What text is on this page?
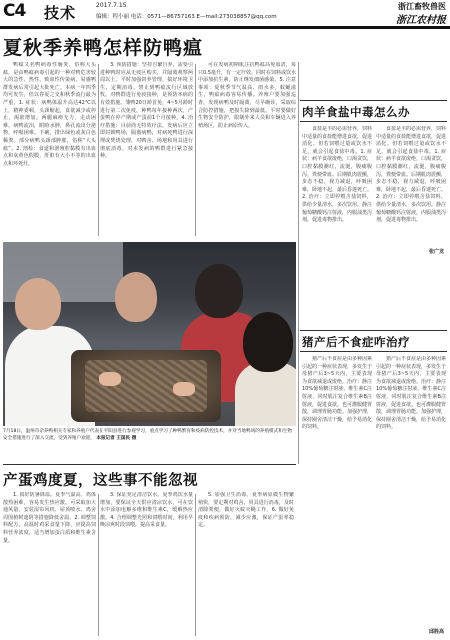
C4 技术	2017.7.15
编辑：程小丽 电话：0571—86757163 E—mail:273038857@qq.com
浙江畜牧兽医
浙江农村报
夏秋季养鸭怎样防鸭瘟

鸭瘟又名鸭病毒性肠炎，俗称大头瘟，是由鸭瘟病毒引起的一种对鸭危害较大的急性、热性、败血性传染病。易感鸭群发病后常引起大批死亡。本病一年四季均可发生，但以春夏之交和秋季流行最为严重。1. 症状：病鸭体温升高达42℃以上，精神委顿，头颈缩起，食欲减少或停止，渴欲增加。两腿麻痹无力，走动困难。病鸭流泪，眼睑水肿，鼻孔流出分泌物，呼吸困难。下痢，排出绿色或灰白色稀粪。部分病鸭头颈部肿胀，俗称“大头瘟”。2. 剖检：食道和泄殖腔黏膜有出血点和灰黄色假膜，肝脏有大小不等的出血点和坏死灶。

3. 预防措施：坚持自繁自养，需要引进种鸭时应从无疫区购买，并隔离观察两周以上。平时加强饲养管理，搞好环境卫生，定期消毒。禁止到鸭瘟流行区域放牧。对鸭群进行免疫接种，是预防本病的有效措施。雏鸭20日龄首免，4~5月龄时进行第二次免疫。种鸭每年接种两次，产蛋鸭在停产期或产蛋前1个月接种。4. 治疗措施：目前尚无特效疗法。发病后应立即封锁鸭场，隔离病鸭，对病死鸭进行深埋或焚烧处理，对鸭舍、场地和用具进行彻底消毒。对未发病的鸭群进行紧急接种。

可在发病初期肌注抗鸭瘟高免血清，每只0.5毫升，有一定疗效。同时在饲料或饮水中添加抗生素，防止继发细菌感染。5. 注意事项：夏秋季节气温高、雨水多，蚊蝇滋生，鸭瘟病毒容易传播。养殖户要加强巡查，发现病鸭及时隔离，尽早确诊，采取综合防控措施，把损失降到最低。平时要做好生物安全防护，限制外来人员和车辆进入养殖场区，防止病原传入。

7月18日，温州市杂养鸭相关专家和养殖户代表在平阳县进行参观学习，重点学习了种鸭繁育和疫病防控技术，并对当地鸭场的养殖模式和生物安全措施进行了深入交流，受到养殖户欢迎。 本报记者 王国民 摄
肉羊食盐中毒怎么办

食盐是羊的必需营养，饲料中适量的食盐能增进食欲，促进消化。但若饲喂过量或饮水不足，就会引起食盐中毒。1. 症状：病羊食欲废绝，口渴贪饮，口腔黏膜潮红，流涎，腹痛腹泻，粪便带血。后期肌肉震颤，步态不稳，视力减退，呼吸困难，卧地不起，最后昏迷死亡。2. 治疗：立即停喂含盐饲料，供给少量清水，多次饮用。静注葡萄糖酸钙注射液，内服油类泻剂，促进毒物排出。

食盐是羊的必需营养，饲料中适量的食盐能增进食欲，促进消化。但若饲喂过量或饮水不足，就会引起食盐中毒。1. 症状：病羊食欲废绝，口渴贪饮，口腔黏膜潮红，流涎，腹痛腹泻，粪便带血。后期肌肉震颤，步态不稳，视力减退，呼吸困难，卧地不起，最后昏迷死亡。2. 治疗：立即停喂含盐饲料，供给少量清水，多次饮用。静注葡萄糖酸钙注射液，内服油类泻剂，促进毒物排出。

张广龙
猪产后不食症咋治疗

猪产后不食症是由多种因素引起的一种症状表现，多发生于母猪产后3~5天内，主要表现为食欲减退或废绝。治疗：静注10%葡萄糖注射液、维生素C注射液，同时肌注复合维生素B注射液，促进食欲。也可灌服健胃散，调理胃肠功能。加强护理，保持圈舍清洁干燥，给予易消化的饲料。

猪产后不食症是由多种因素引起的一种症状表现，多发生于母猪产后3~5天内，主要表现为食欲减退或废绝。治疗：静注10%葡萄糖注射液、维生素C注射液，同时肌注复合维生素B注射液，促进食欲。也可灌服健胃散，调理胃肠功能。加强护理，保持圈舍清洁干燥，给予易消化的饲料。

邱胜高
产蛋鸡度夏，这些事不能忽视

1. 搞好防暑降温。夏季气温高，鸡体散热困难，容易发生热应激。可采取加大通风量、安装湿帘风机、屋顶喷水、鸡舍周围植树遮阴等措施降低舍温。2. 调整饲料配方。高温时鸡采食量下降，应提高饲料营养浓度，适当增加蛋白质和维生素含量。

3. 保证充足清洁饮水。夏季鸡饮水量增加，要保证全天供应清凉饮水，可在饮水中添加电解多维和维生素C，缓解热应激。4. 合理调整光照和饲喂时间，利用早晚凉爽时段饲喂，提高采食量。

5. 加强卫生消毒。夏季病原微生物繁殖快，要定期对鸡舍、用具进行消毒，及时清除粪便，做好灭蚊灭蝇工作。6. 做好免疫和疾病预防，减少应激，保证产蛋率稳定。
